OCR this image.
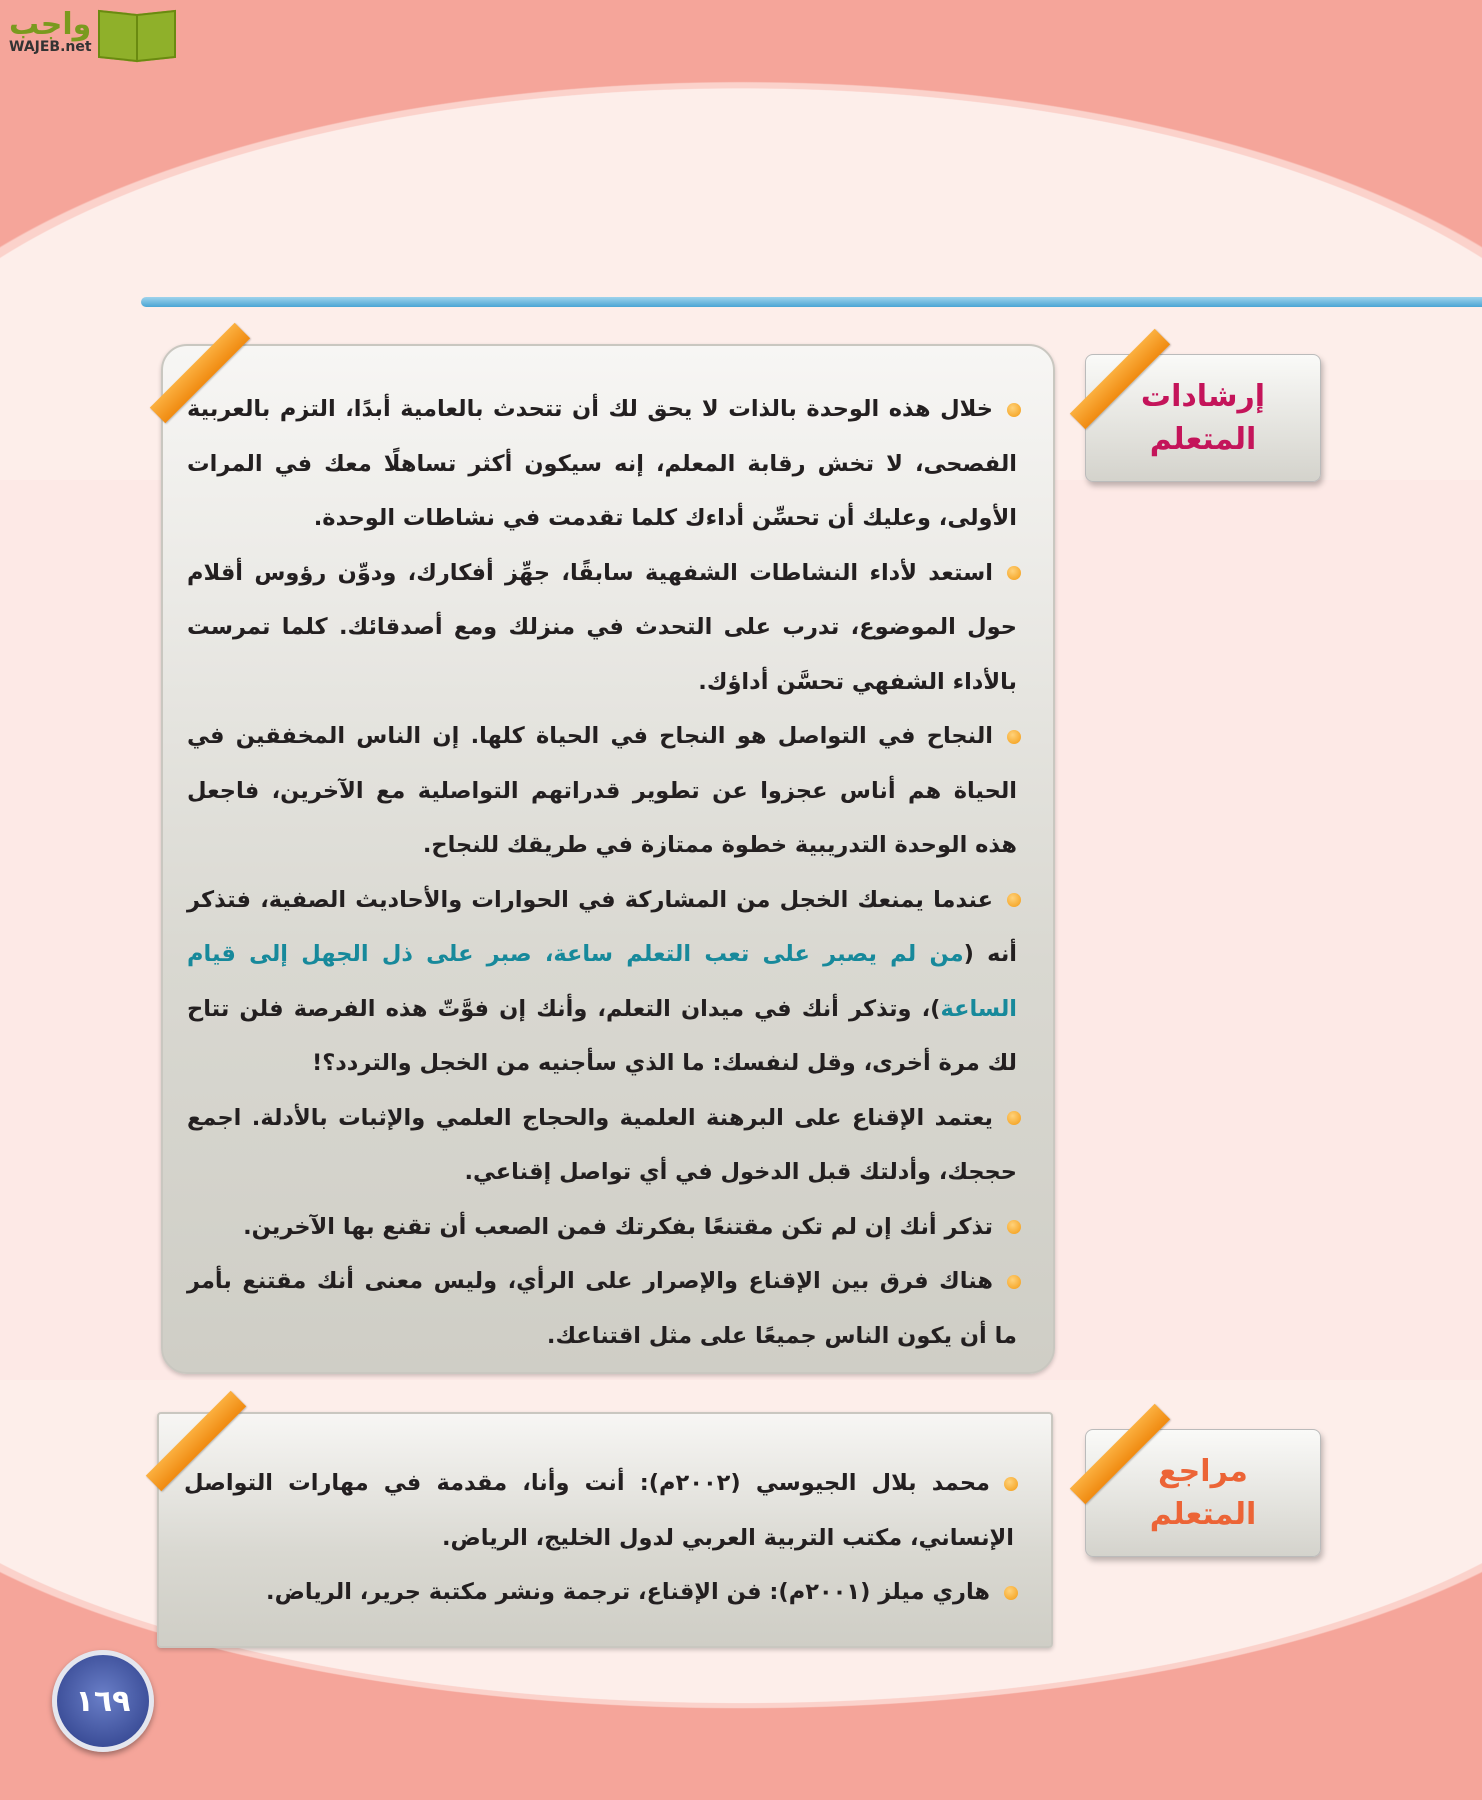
واجب
WAJEB.net
إرشادات
المتعلم

خلال هذه الوحدة بالذات لا يحق لك أن تتحدث بالعامية أبدًا، التزم بالعربية الفصحى، لا تخش رقابة المعلم، إنه سيكون أكثر تساهلًا معك في المرات الأولى، وعليك أن تحسِّن أداءك كلما تقدمت في نشاطات الوحدة.

استعد لأداء النشاطات الشفهية سابقًا، جهِّز أفكارك، ودوِّن رؤوس أقلام حول الموضوع، تدرب على التحدث في منزلك ومع أصدقائك. كلما تمرست بالأداء الشفهي تحسَّن أداؤك.

النجاح في التواصل هو النجاح في الحياة كلها. إن الناس المخفقين في الحياة هم أناس عجزوا عن تطوير قدراتهم التواصلية مع الآخرين، فاجعل هذه الوحدة التدريبية خطوة ممتازة في طريقك للنجاح.

عندما يمنعك الخجل من المشاركة في الحوارات والأحاديث الصفية، فتذكر أنه (من لم يصبر على تعب التعلم ساعة، صبر على ذل الجهل إلى قيام الساعة)، وتذكر أنك في ميدان التعلم، وأنك إن فوَّتّ هذه الفرصة فلن تتاح لك مرة أخرى، وقل لنفسك: ما الذي سأجنيه من الخجل والتردد؟!

يعتمد الإقناع على البرهنة العلمية والحجاج العلمي والإثبات بالأدلة. اجمع حججك، وأدلتك قبل الدخول في أي تواصل إقناعي.

تذكر أنك إن لم تكن مقتنعًا بفكرتك فمن الصعب أن تقنع بها الآخرين.

هناك فرق بين الإقناع والإصرار على الرأي، وليس معنى أنك مقتنع بأمر ما أن يكون الناس جميعًا على مثل اقتناعك.

مراجع
المتعلم

محمد بلال الجيوسي (٢٠٠٢م): أنت وأنا، مقدمة في مهارات التواصل الإنساني، مكتب التربية العربي لدول الخليج، الرياض.

هاري ميلز (٢٠٠١م): فن الإقناع، ترجمة ونشر مكتبة جرير، الرياض.

١٦٩
